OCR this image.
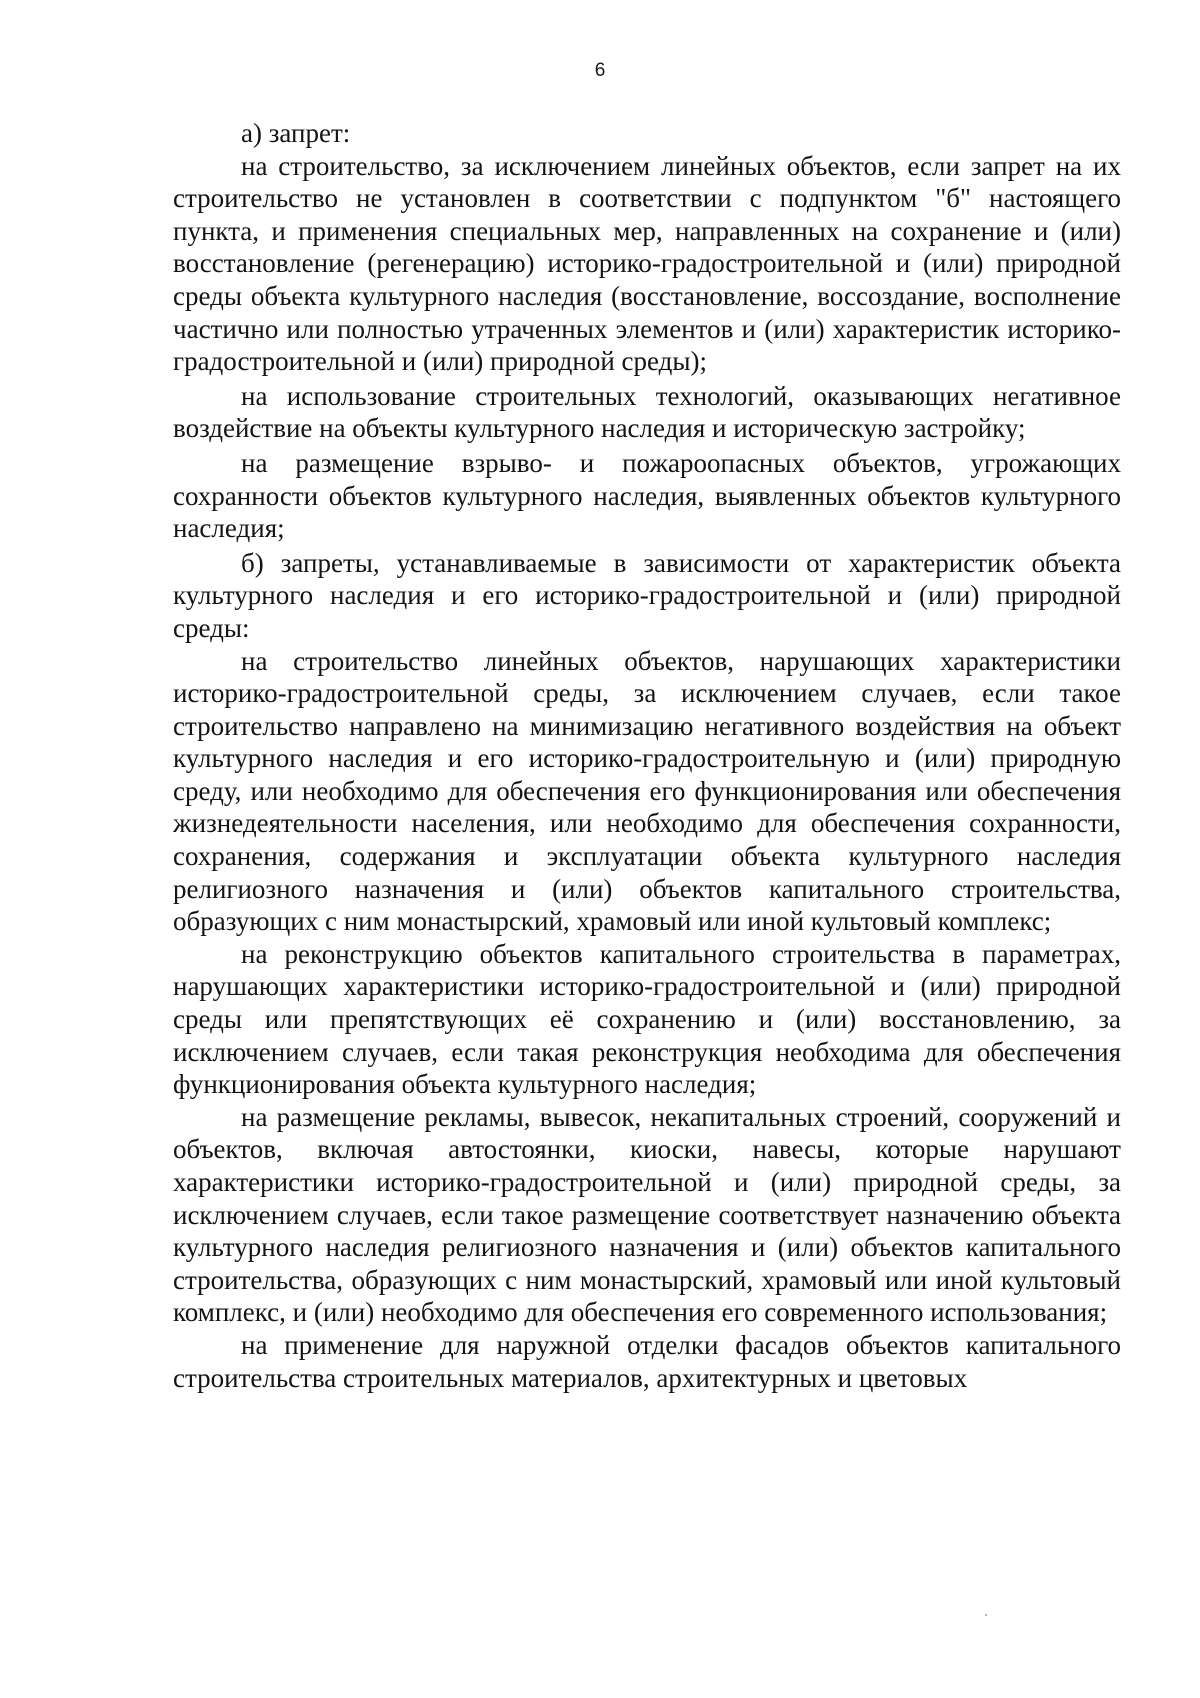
6

а) запрет:

на строительство, за исключением линейных объектов, если запрет на их строительство не установлен в соответствии с подпунктом "б" настоящего пункта, и применения специальных мер, направленных на сохранение и (или) восстановление (регенерацию) историко-градостроительной и (или) природной среды объекта культурного наследия (восстановление, воссоздание, восполнение частично или полностью утраченных элементов и (или) характеристик историко-градостроительной и (или) природной среды);

на использование строительных технологий, оказывающих негативное воздействие на объекты культурного наследия и историческую застройку;

на размещение взрыво- и пожароопасных объектов, угрожающих сохранности объектов культурного наследия, выявленных объектов культурного наследия;

б) запреты, устанавливаемые в зависимости от характеристик объекта культурного наследия и его историко-градостроительной и (или) природной среды:

на строительство линейных объектов, нарушающих характеристики историко-градостроительной среды, за исключением случаев, если такое строительство направлено на минимизацию негативного воздействия на объект культурного наследия и его историко-градостроительную и (или) природную среду, или необходимо для обеспечения его функционирования или обеспечения жизнедеятельности населения, или необходимо для обеспечения сохранности, сохранения, содержания и эксплуатации объекта культурного наследия религиозного назначения и (или) объектов капитального строительства, образующих с ним монастырский, храмовый или иной культовый комплекс;

на реконструкцию объектов капитального строительства в параметрах, нарушающих характеристики историко-градостроительной и (или) природной среды или препятствующих её сохранению и (или) восстановлению, за исключением случаев, если такая реконструкция необходима для обеспечения функционирования объекта культурного наследия;

на размещение рекламы, вывесок, некапитальных строений, сооружений и объектов, включая автостоянки, киоски, навесы, которые нарушают характеристики историко-градостроительной и (или) природной среды, за исключением случаев, если такое размещение соответствует назначению объекта культурного наследия религиозного назначения и (или) объектов капитального строительства, образующих с ним монастырский, храмовый или иной культовый комплекс, и (или) необходимо для обеспечения его современного использования;

на применение для наружной отделки фасадов объектов капитального строительства строительных материалов, архитектурных и цветовых
